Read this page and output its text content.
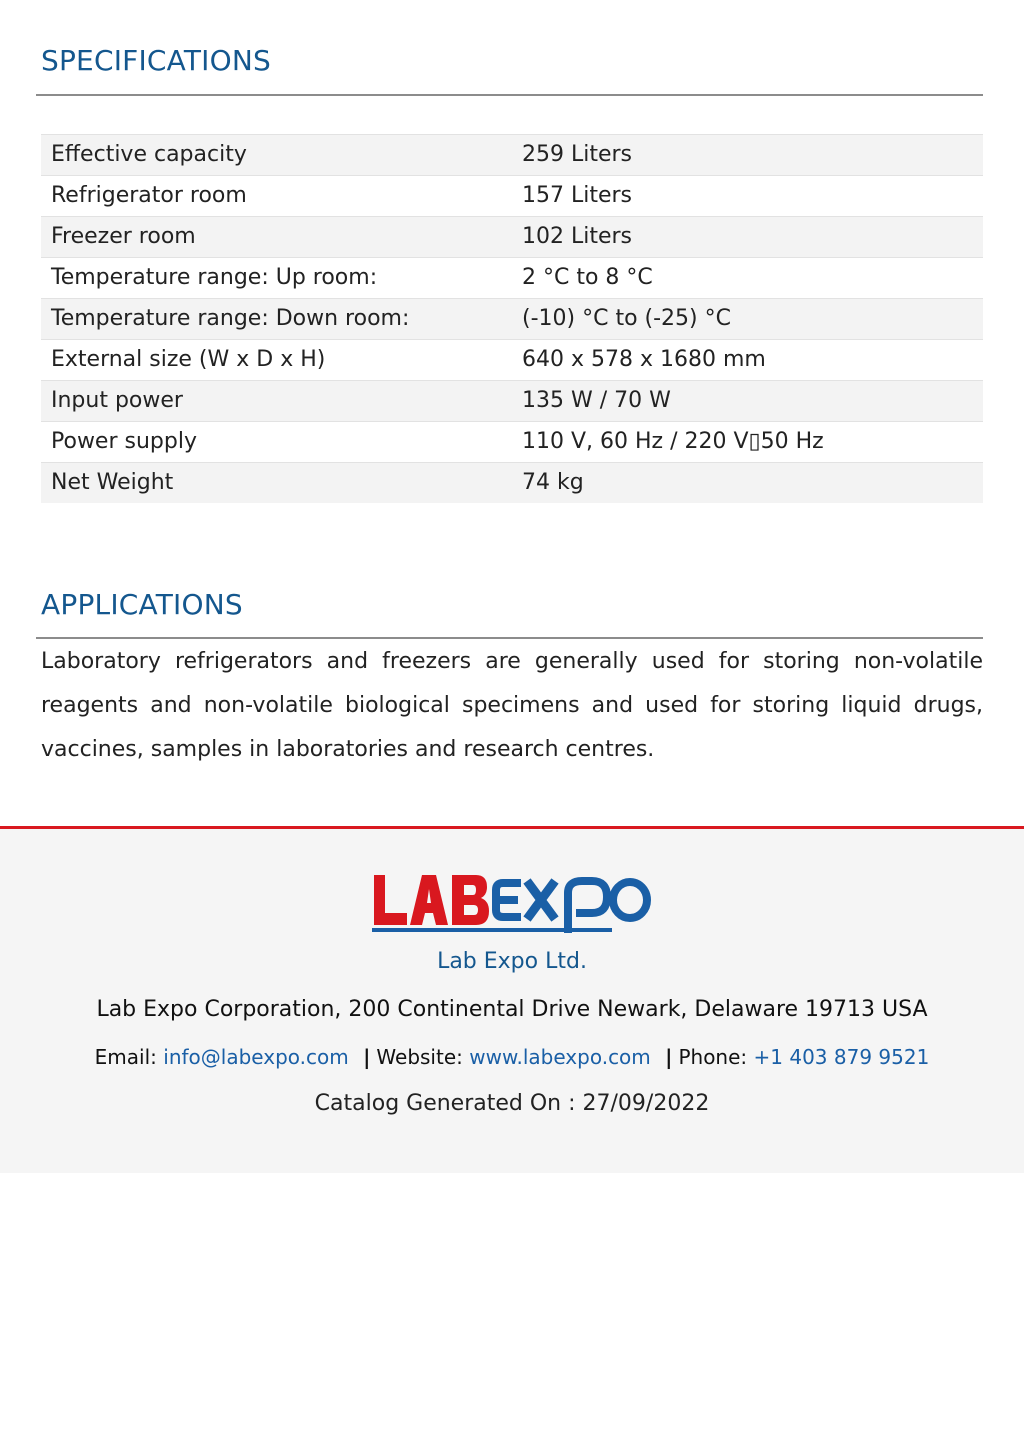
SPECIFICATIONS
Effective capacity	259 Liters
Refrigerator room	157 Liters
Freezer room	102 Liters
Temperature range: Up room:	2 °C to 8 °C
Temperature range: Down room:	(-10) °C to (-25) °C
External size (W x D x H)	640 x 578 x 1680 mm
Input power	135 W / 70 W
Power supply	110 V, 60 Hz / 220 V▯50 Hz
Net Weight	74 kg
APPLICATIONS
Laboratory refrigerators and freezers are generally used for storing non-volatile reagents and non-volatile biological specimens and used for storing liquid drugs, vaccines, samples in laboratories and research centres.
Lab Expo Ltd.
Lab Expo Corporation, 200 Continental Drive Newark, Delaware 19713 USA
Email: info@labexpo.com | Website: www.labexpo.com | Phone: +1 403 879 9521
Catalog Generated On : 27/09/2022
